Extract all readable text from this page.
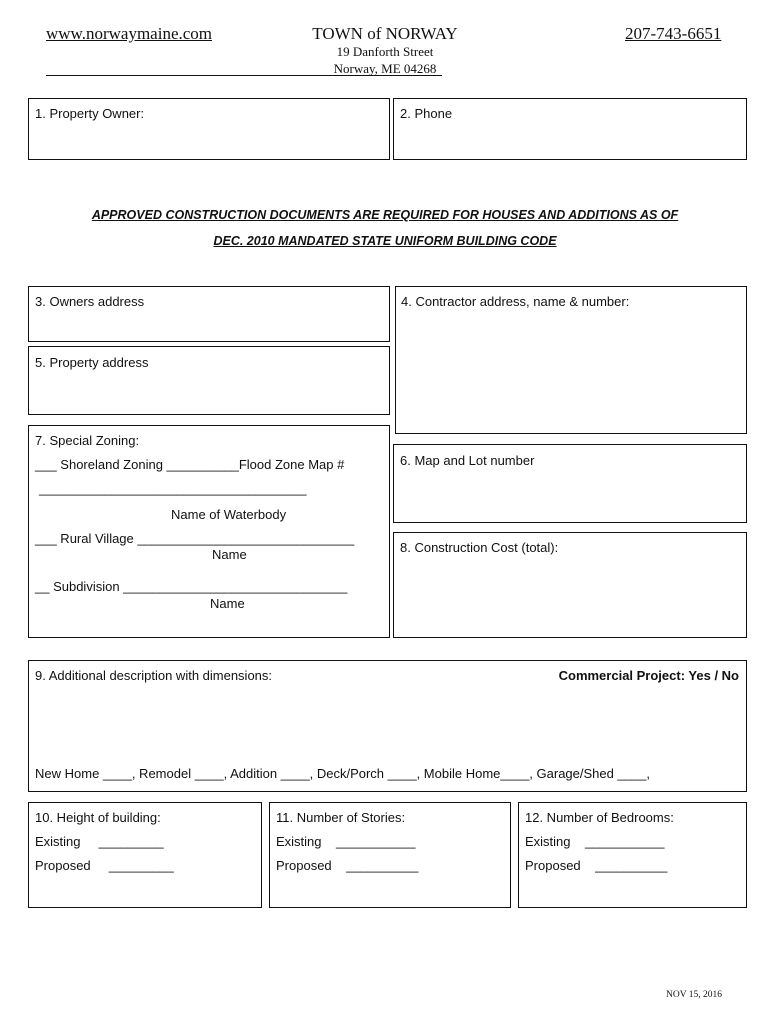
www.norwaymaine.com	TOWN of NORWAY
19 Danforth Street
Norway, ME 04268
207-743-6651
1. Property Owner:	2. Phone
APPROVED CONSTRUCTION DOCUMENTS ARE REQUIRED FOR HOUSES AND ADDITIONS AS OF
DEC. 2010 MANDATED STATE UNIFORM BUILDING CODE
3. Owners address
5. Property address
7. Special Zoning:
___ Shoreland Zoning __________Flood Zone Map #
_____________________________________
Name of Waterbody
___ Rural Village ______________________________
Name
__ Subdivision _______________________________
Name
4. Contractor address, name & number:
6. Map and Lot number
8. Construction Cost (total):
9. Additional description with dimensions:	Commercial Project: Yes / No
New Home ____, Remodel ____, Addition ____, Deck/Porch ____, Mobile Home____, Garage/Shed ____,
10. Height of building:
Existing     _________
Proposed     _________
11. Number of Stories:
Existing    ___________
Proposed    __________
12. Number of Bedrooms:
Existing    ___________
Proposed    __________
NOV 15, 2016
